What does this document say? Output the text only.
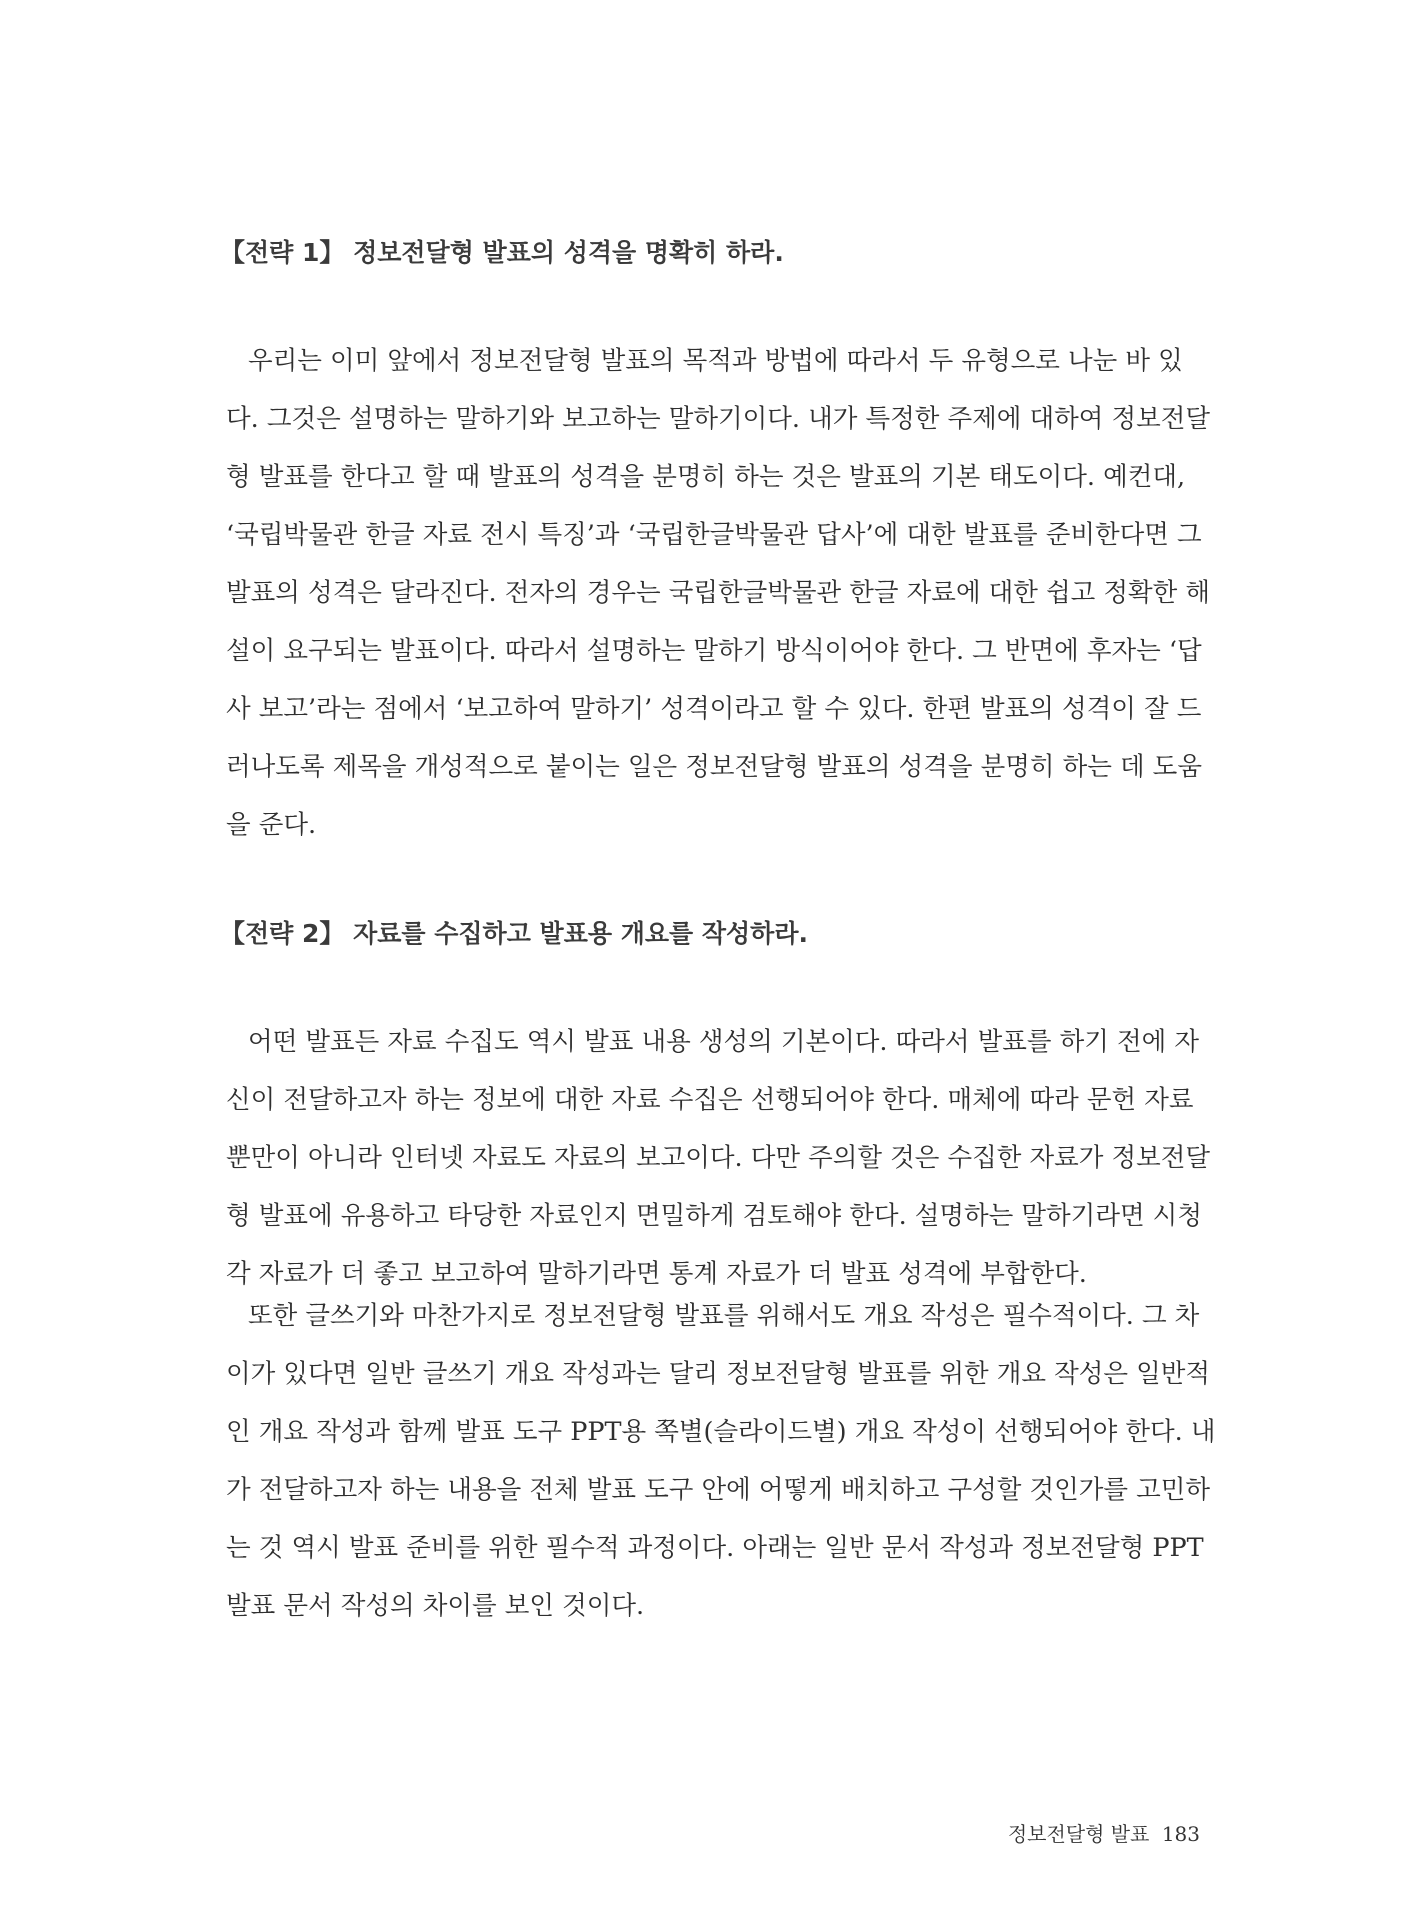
【전략 1】 정보전달형 발표의 성격을 명확히 하라.
우리는 이미 앞에서 정보전달형 발표의 목적과 방법에 따라서 두 유형으로 나눈 바 있
다. 그것은 설명하는 말하기와 보고하는 말하기이다. 내가 특정한 주제에 대하여 정보전달
형 발표를 한다고 할 때 발표의 성격을 분명히 하는 것은 발표의 기본 태도이다. 예컨대,
‘국립박물관 한글 자료 전시 특징’과 ‘국립한글박물관 답사’에 대한 발표를 준비한다면 그
발표의 성격은 달라진다. 전자의 경우는 국립한글박물관 한글 자료에 대한 쉽고 정확한 해
설이 요구되는 발표이다. 따라서 설명하는 말하기 방식이어야 한다. 그 반면에 후자는 ‘답
사 보고’라는 점에서 ‘보고하여 말하기’ 성격이라고 할 수 있다. 한편 발표의 성격이 잘 드
러나도록 제목을 개성적으로 붙이는 일은 정보전달형 발표의 성격을 분명히 하는 데 도움
을 준다.
【전략 2】 자료를 수집하고 발표용 개요를 작성하라.
어떤 발표든 자료 수집도 역시 발표 내용 생성의 기본이다. 따라서 발표를 하기 전에 자
신이 전달하고자 하는 정보에 대한 자료 수집은 선행되어야 한다. 매체에 따라 문헌 자료
뿐만이 아니라 인터넷 자료도 자료의 보고이다. 다만 주의할 것은 수집한 자료가 정보전달
형 발표에 유용하고 타당한 자료인지 면밀하게 검토해야 한다. 설명하는 말하기라면 시청
각 자료가 더 좋고 보고하여 말하기라면 통계 자료가 더 발표 성격에 부합한다.
또한 글쓰기와 마찬가지로 정보전달형 발표를 위해서도 개요 작성은 필수적이다. 그 차
이가 있다면 일반 글쓰기 개요 작성과는 달리 정보전달형 발표를 위한 개요 작성은 일반적
인 개요 작성과 함께 발표 도구 PPT용 쪽별(슬라이드별) 개요 작성이 선행되어야 한다. 내
가 전달하고자 하는 내용을 전체 발표 도구 안에 어떻게 배치하고 구성할 것인가를 고민하
는 것 역시 발표 준비를 위한 필수적 과정이다. 아래는 일반 문서 작성과 정보전달형 PPT
발표 문서 작성의 차이를 보인 것이다.
정보전달형 발표 183
